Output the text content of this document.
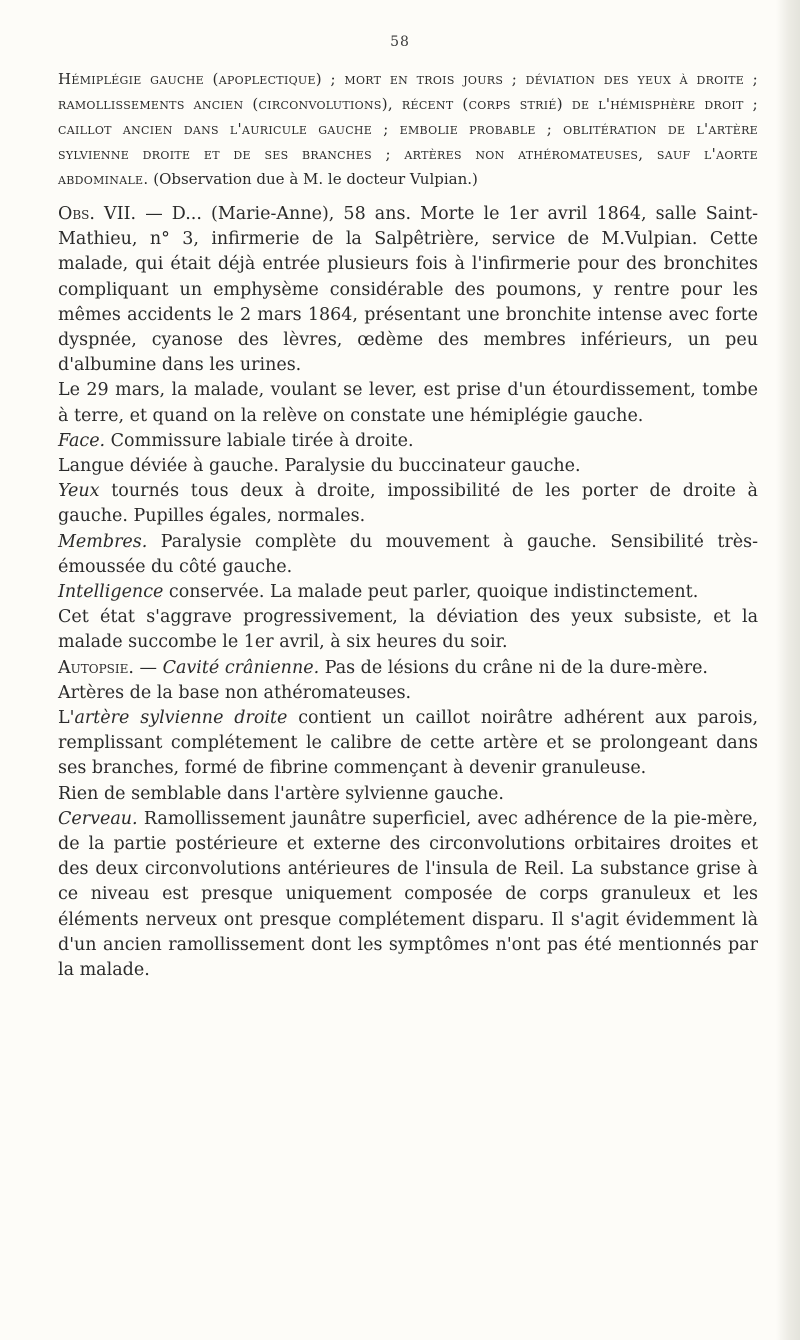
58
Hémiplégie gauche (apoplectique) ; mort en trois jours ; déviation des yeux à droite ; ramollissements ancien (circonvolutions), récent (corps strié) de l'hémisphère droit ; caillot ancien dans l'auricule gauche ; embolie probable ; oblitération de l'artère sylvienne droite et de ses branches ; artères non athéromateuses, sauf l'aorte abdominale. (Observation due à M. le docteur Vulpian.)

Obs. VII. — D... (Marie-Anne), 58 ans. Morte le 1er avril 1864, salle Saint-Mathieu, n° 3, infirmerie de la Salpêtrière, service de M.Vulpian. Cette malade, qui était déjà entrée plusieurs fois à l'infirmerie pour des bronchites compliquant un emphysème considérable des poumons, y rentre pour les mêmes accidents le 2 mars 1864, présentant une bronchite intense avec forte dyspnée, cyanose des lèvres, œdème des membres inférieurs, un peu d'albumine dans les urines.

Le 29 mars, la malade, voulant se lever, est prise d'un étourdissement, tombe à terre, et quand on la relève on constate une hémiplégie gauche.

Face. Commissure labiale tirée à droite.

Langue déviée à gauche. Paralysie du buccinateur gauche.

Yeux tournés tous deux à droite, impossibilité de les porter de droite à gauche. Pupilles égales, normales.

Membres. Paralysie complète du mouvement à gauche. Sensibilité très-émoussée du côté gauche.

Intelligence conservée. La malade peut parler, quoique indistinctement.

Cet état s'aggrave progressivement, la déviation des yeux subsiste, et la malade succombe le 1er avril, à six heures du soir.

Autopsie. — Cavité crânienne. Pas de lésions du crâne ni de la dure-mère.

Artères de la base non athéromateuses.

L'artère sylvienne droite contient un caillot noirâtre adhérent aux parois, remplissant complétement le calibre de cette artère et se prolongeant dans ses branches, formé de fibrine commençant à devenir granuleuse.

Rien de semblable dans l'artère sylvienne gauche.

Cerveau. Ramollissement jaunâtre superficiel, avec adhérence de la pie-mère, de la partie postérieure et externe des circonvolutions orbitaires droites et des deux circonvolutions antérieures de l'insula de Reil. La substance grise à ce niveau est presque uniquement composée de corps granuleux et les éléments nerveux ont presque complétement disparu. Il s'agit évidemment là d'un ancien ramollissement dont les symptômes n'ont pas été mentionnés par la malade.
